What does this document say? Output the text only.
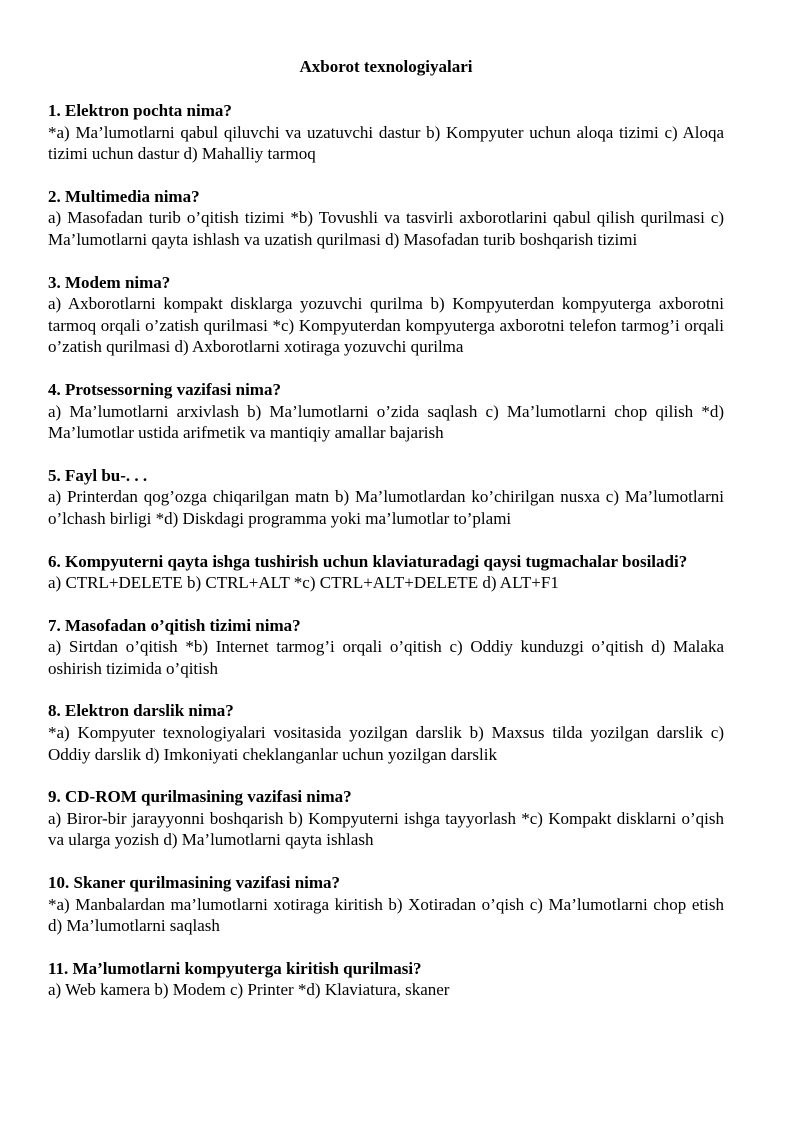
Axborot texnologiyalari
1. Elektron pochta nima?
*a) Ma’lumotlarni qabul qiluvchi va uzatuvchi dastur b) Kompyuter uchun aloqa tizimi c) Aloqa tizimi uchun dastur d) Mahalliy tarmoq
2. Multimedia nima?
a) Masofadan turib o’qitish tizimi *b) Tovushli va tasvirli axborotlarini qabul qilish qurilmasi c) Ma’lumotlarni qayta ishlash va uzatish qurilmasi d) Masofadan turib boshqarish tizimi
3. Modem nima?
a) Axborotlarni kompakt disklarga yozuvchi qurilma b) Kompyuterdan kompyuterga axborotni tarmoq orqali o’zatish qurilmasi *c) Kompyuterdan kompyuterga axborotni telefon tarmog’i orqali o’zatish qurilmasi d) Axborotlarni xotiraga yozuvchi qurilma
4. Protsessorning vazifasi nima?
a) Ma’lumotlarni arxivlash b) Ma’lumotlarni o’zida saqlash c) Ma’lumotlarni chop qilish *d) Ma’lumotlar ustida arifmetik va mantiqiy amallar bajarish
5. Fayl bu-. . .
a) Printerdan qog’ozga chiqarilgan matn b) Ma’lumotlardan ko’chirilgan nusxa c) Ma’lumotlarni o’lchash birligi *d) Diskdagi programma yoki ma’lumotlar to’plami
6. Kompyuterni qayta ishga tushirish uchun klaviaturadagi qaysi tugmachalar bosiladi?
a) CTRL+DELETE b) CTRL+ALT *c) CTRL+ALT+DELETE d) ALT+F1
7. Masofadan o’qitish tizimi nima?
a) Sirtdan o’qitish *b) Internet tarmog’i orqali o’qitish c) Oddiy kunduzgi o’qitish d) Malaka oshirish tizimida o’qitish
8. Elektron darslik nima?
*a) Kompyuter texnologiyalari vositasida yozilgan darslik b) Maxsus tilda yozilgan darslik c) Oddiy darslik d) Imkoniyati cheklanganlar uchun yozilgan darslik
9. CD-ROM qurilmasining vazifasi nima?
a) Biror-bir jarayyonni boshqarish b) Kompyuterni ishga tayyorlash *c) Kompakt disklarni o’qish va ularga yozish d) Ma’lumotlarni qayta ishlash
10. Skaner qurilmasining vazifasi nima?
*a) Manbalardan ma’lumotlarni xotiraga kiritish b) Xotiradan o’qish c) Ma’lumotlarni chop etish d) Ma’lumotlarni saqlash
11. Ma’lumotlarni kompyuterga kiritish qurilmasi?
a) Web kamera b) Modem c) Printer *d) Klaviatura, skaner
